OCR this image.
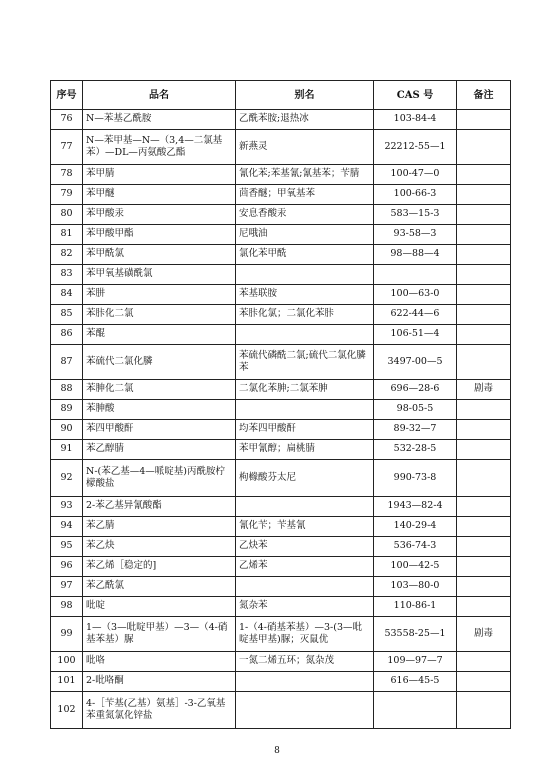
序号	品名	别名	CAS 号	备注
76	N—苯基乙酰胺	乙酰苯胺;退热冰	103-84-4	
77	N—苯甲基—N—（3,4—二氯基苯）—DL—丙氨酸乙酯	新燕灵	22212-55—1	
78	苯甲腈	氰化苯;苯基氰;氰基苯；苄腈	100-47—0	
79	苯甲醚	茴香醚；甲氧基苯	100-66-3	
80	苯甲酸汞	安息香酸汞	583—15-3	
81	苯甲酸甲酯	尼哦油	93-58—3	
82	苯甲酰氯	氯化苯甲酰	98—88—4	
83	苯甲氧基磺酰氯			
84	苯肼	苯基联胺	100—63-0	
85	苯胩化二氯	苯胩化氯；二氯化苯胩	622-44—6	
86	苯醌		106-51—4	
87	苯硫代二氯化膦	苯硫代磷酰二氯;硫代二氯化膦苯	3497-00—5	
88	苯胂化二氯	二氯化苯胂;二氯苯胂	696—28-6	剧毒
89	苯胂酸		98-05-5	
90	苯四甲酸酐	均苯四甲酸酐	89-32—7	
91	苯乙醇腈	苯甲氰醇；扁桃腈	532-28-5	
92	N-(苯乙基—4—哌啶基)丙酰胺柠檬酸盐	枸橼酸芬太尼	990-73-8	
93	2-苯乙基异氰酸酯		1943—82-4	
94	苯乙腈	氰化苄；苄基氰	140-29-4	
95	苯乙炔	乙炔苯	536-74-3	
96	苯乙烯［稳定的]	乙烯苯	100—42-5	
97	苯乙酰氯		103—80-0	
98	吡啶	氮杂苯	110-86-1	
99	1—（3—吡啶甲基）—3—（4-硝基苯基）脲	1-（4-硝基苯基）—3-(3—吡啶基甲基)脲；灭鼠优	53558-25—1	剧毒
100	吡咯	一氮二烯五环；氮杂茂	109—97—7	
101	2-吡咯酮		616—45-5	
102	4-［苄基(乙基）氨基］-3-乙氧基苯重氮氯化锌盐			
8
